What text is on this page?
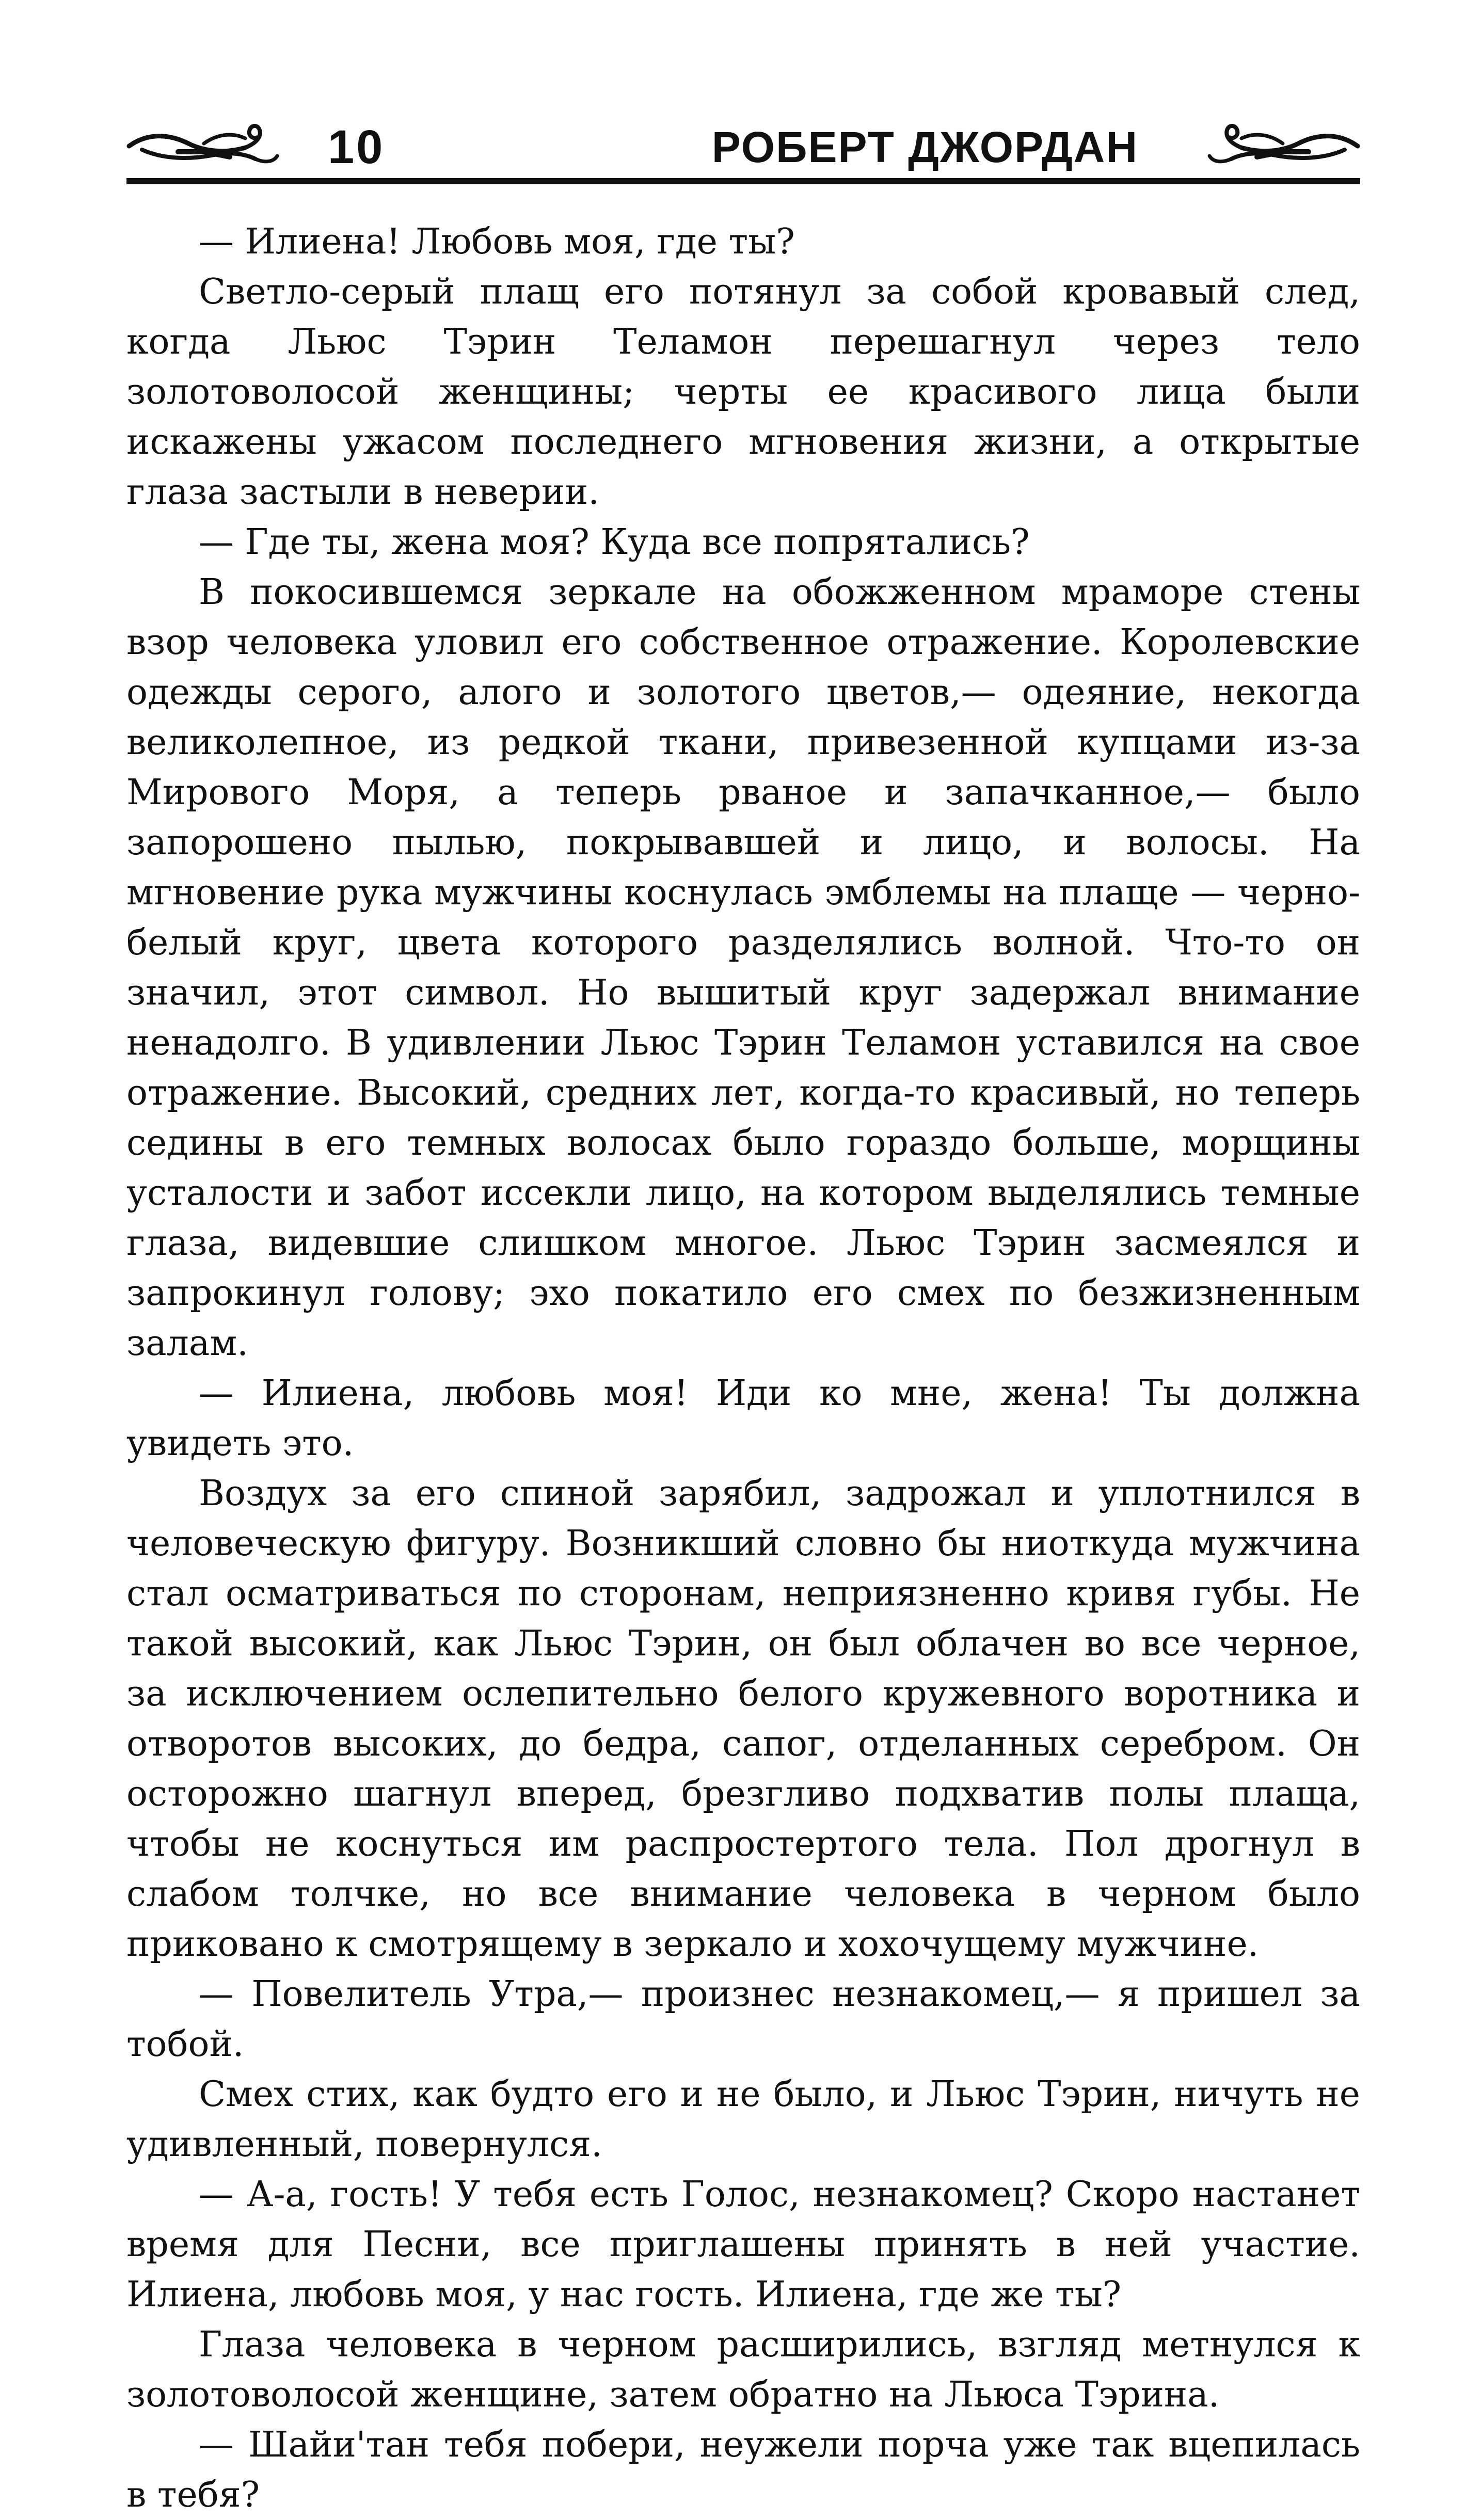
10	РОБЕРТ ДЖОРДАН

— Илиена! Любовь моя, где ты?

Светло-серый плащ его потянул за собой кровавый след, когда Льюс Тэрин Теламон перешагнул через тело золотоволосой женщины; черты ее красивого лица были искажены ужасом последнего мгновения жизни, а открытые глаза застыли в неверии.

— Где ты, жена моя? Куда все попрятались?

В покосившемся зеркале на обожженном мраморе стены взор человека уловил его собственное отражение. Королевские одежды серого, алого и золотого цветов,— одеяние, некогда великолепное, из редкой ткани, привезенной купцами из-за Мирового Моря, а теперь рваное и запачканное,— было запорошено пылью, покрывавшей и лицо, и волосы. На мгновение рука мужчины коснулась эмблемы на плаще — черно-белый круг, цвета которого разделялись волной. Что-то он значил, этот символ. Но вышитый круг задержал внимание ненадолго. В удивлении Льюс Тэрин Теламон уставился на свое отражение. Высокий, средних лет, когда-то красивый, но теперь седины в его темных волосах было гораздо больше, морщины усталости и забот иссекли лицо, на котором выделялись темные глаза, видевшие слишком многое. Льюс Тэрин засмеялся и запрокинул голову; эхо покатило его смех по безжизненным залам.

— Илиена, любовь моя! Иди ко мне, жена! Ты должна увидеть это.

Воздух за его спиной зарябил, задрожал и уплотнился в человеческую фигуру. Возникший словно бы ниоткуда мужчина стал осматриваться по сторонам, неприязненно кривя губы. Не такой высокий, как Льюс Тэрин, он был облачен во все черное, за исключением ослепительно белого кружевного воротника и отворотов высоких, до бедра, сапог, отделанных серебром. Он осторожно шагнул вперед, брезгливо подхватив полы плаща, чтобы не коснуться им распростертого тела. Пол дрогнул в слабом толчке, но все внимание человека в черном было приковано к смотрящему в зеркало и хохочущему мужчине.

— Повелитель Утра,— произнес незнакомец,— я пришел за тобой.

Смех стих, как будто его и не было, и Льюс Тэрин, ничуть не удивленный, повернулся.

— А-а, гость! У тебя есть Голос, незнакомец? Скоро настанет время для Песни, все приглашены принять в ней участие. Илиена, любовь моя, у нас гость. Илиена, где же ты?

Глаза человека в черном расширились, взгляд метнулся к золотоволосой женщине, затем обратно на Льюса Тэрина.

— Шайи'тан тебя побери, неужели порча уже так вцепилась в тебя?
